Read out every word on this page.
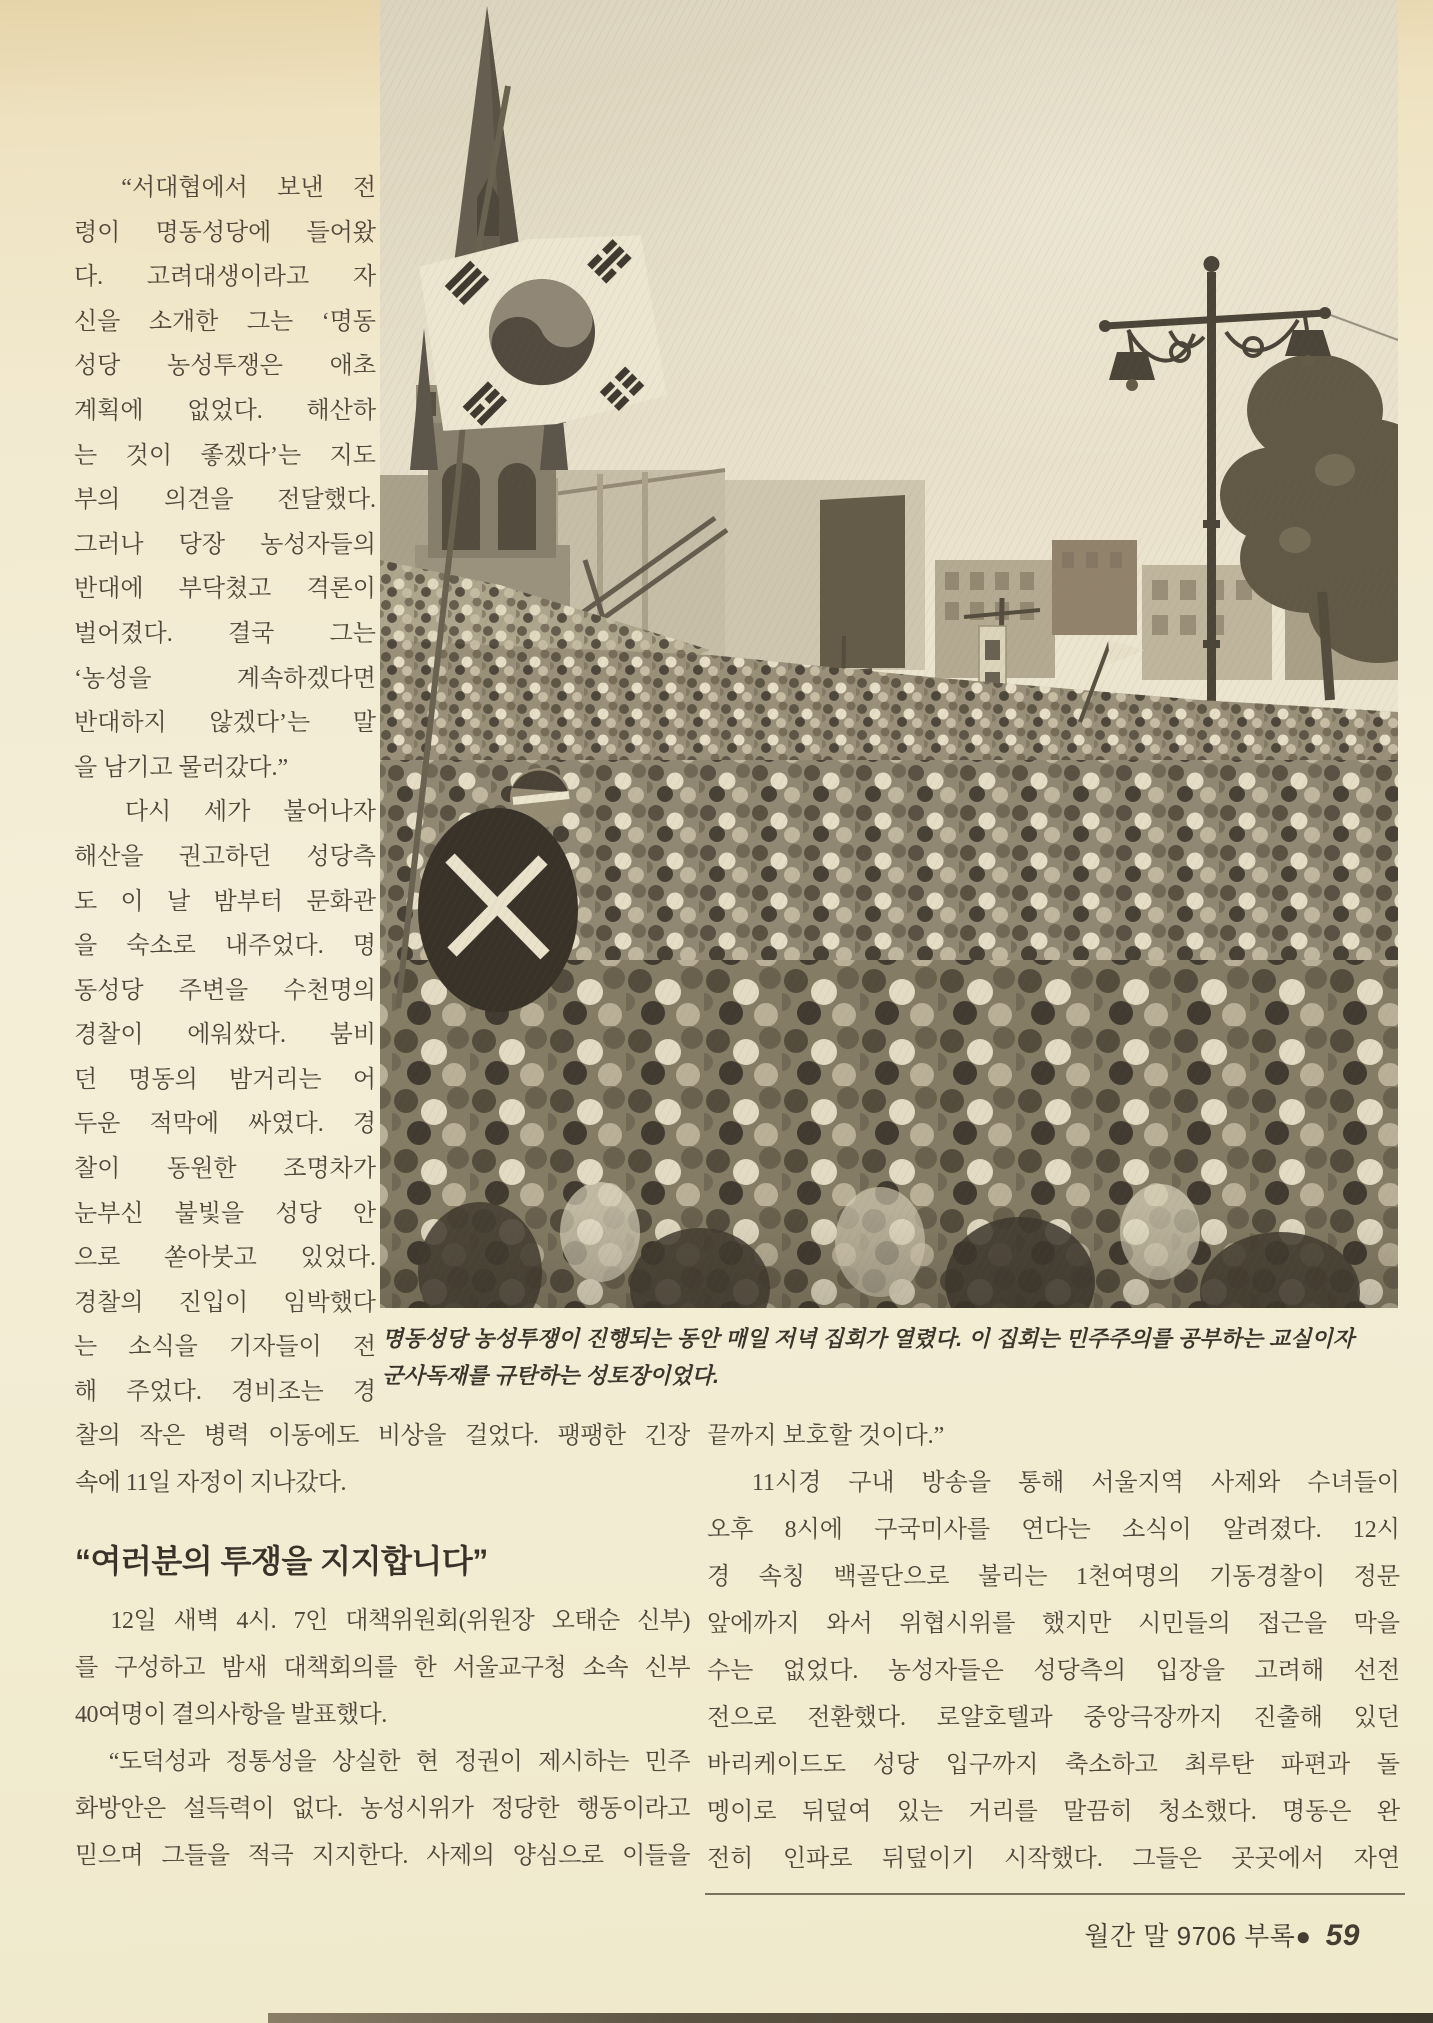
　“서대협에서 보낸 전
령이 명동성당에 들어왔
다. 고려대생이라고 자
신을 소개한 그는 ‘명동
성당 농성투쟁은 애초
계획에 없었다. 해산하
는 것이 좋겠다’는 지도
부의 의견을 전달했다.
그러나 당장 농성자들의
반대에 부닥쳤고 격론이
벌어졌다. 결국 그는
‘농성을 계속하겠다면
반대하지 않겠다’는 말
을 남기고 물러갔다.”
　다시 세가 불어나자
해산을 권고하던 성당측
도 이 날 밤부터 문화관
을 숙소로 내주었다. 명
동성당 주변을 수천명의
경찰이 에워쌌다. 붐비
던 명동의 밤거리는 어
두운 적막에 싸였다. 경
찰이 동원한 조명차가
눈부신 불빛을 성당 안
으로 쏟아붓고 있었다.
경찰의 진입이 임박했다
는 소식을 기자들이 전
해 주었다. 경비조는 경
명동성당 농성투쟁이 진행되는 동안 매일 저녁 집회가 열렸다. 이 집회는 민주주의를 공부하는 교실이자
군사독재를 규탄하는 성토장이었다.
찰의 작은 병력 이동에도 비상을 걸었다. 팽팽한 긴장
속에 11일 자정이 지나갔다.
“여러분의 투쟁을 지지합니다”
　12일 새벽 4시. 7인 대책위원회(위원장 오태순 신부)
를 구성하고 밤새 대책회의를 한 서울교구청 소속 신부
40여명이 결의사항을 발표했다.
　“도덕성과 정통성을 상실한 현 정권이 제시하는 민주
화방안은 설득력이 없다. 농성시위가 정당한 행동이라고
믿으며 그들을 적극 지지한다. 사제의 양심으로 이들을
끝까지 보호할 것이다.”
　11시경 구내 방송을 통해 서울지역 사제와 수녀들이
오후 8시에 구국미사를 연다는 소식이 알려졌다. 12시
경 속칭 백골단으로 불리는 1천여명의 기동경찰이 정문
앞에까지 와서 위협시위를 했지만 시민들의 접근을 막을
수는 없었다. 농성자들은 성당측의 입장을 고려해 선전
전으로 전환했다. 로얄호텔과 중앙극장까지 진출해 있던
바리케이드도 성당 입구까지 축소하고 최루탄 파편과 돌
멩이로 뒤덮여 있는 거리를 말끔히 청소했다. 명동은 완
전히 인파로 뒤덮이기 시작했다. 그들은 곳곳에서 자연
월간 말 9706 부록● 59
